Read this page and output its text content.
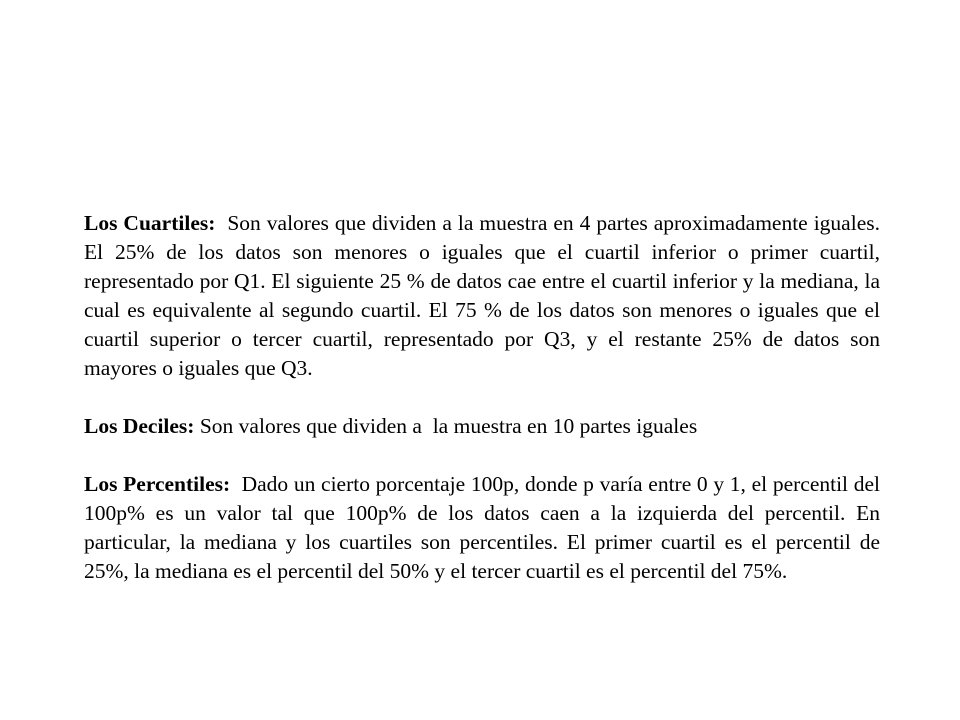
Los Cuartiles:  Son valores que dividen a la muestra en 4 partes aproximadamente iguales.  El 25% de los datos son menores o iguales que el cuartil inferior o primer cuartil, representado por Q1. El siguiente 25 % de datos cae entre el cuartil inferior y la mediana, la cual es equivalente al segundo cuartil. El 75 % de los datos son menores o iguales que el cuartil superior o tercer cuartil, representado por Q3, y el restante 25% de datos son mayores o iguales que Q3.

Los Deciles: Son valores que dividen a  la muestra en 10 partes iguales

Los Percentiles:  Dado un cierto porcentaje 100p, donde p varía entre 0 y 1, el percentil del 100p% es un valor tal que 100p% de los datos caen a la izquierda del percentil. En particular, la mediana y los cuartiles son percentiles. El primer cuartil es el percentil de 25%, la mediana es el percentil del 50% y el tercer cuartil es el percentil del 75%.
